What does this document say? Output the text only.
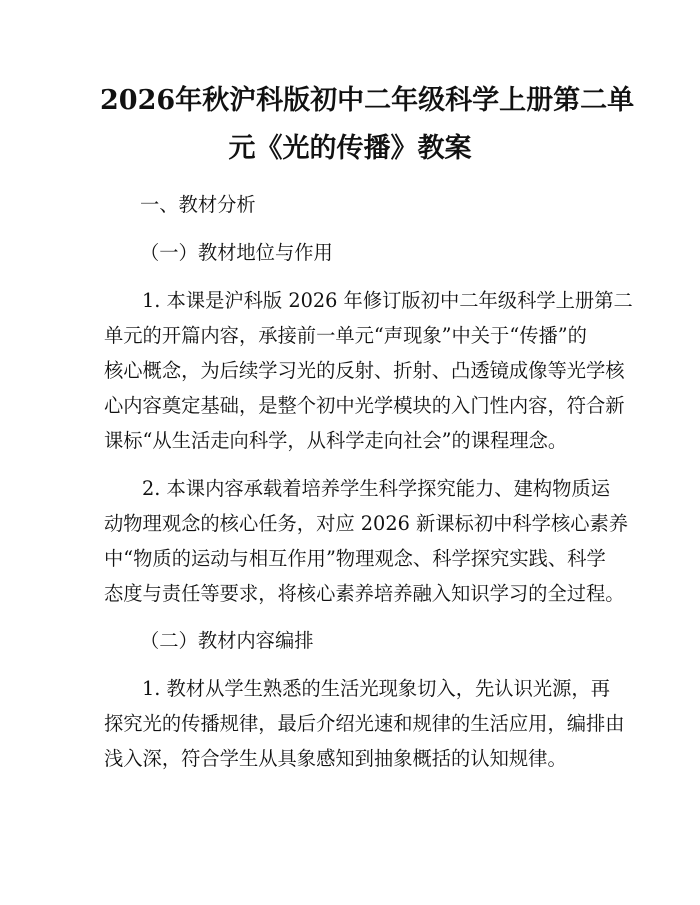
2026年秋沪科版初中二年级科学上册第二单
元《光的传播》教案

一、教材分析

（一）教材地位与作用

1. 本课是沪科版 2026 年修订版初中二年级科学上册第二

单元的开篇内容，承接前一单元“声现象”中关于“传播”的

核心概念，为后续学习光的反射、折射、凸透镜成像等光学核

心内容奠定基础，是整个初中光学模块的入门性内容，符合新

课标“从生活走向科学，从科学走向社会”的课程理念。

2. 本课内容承载着培养学生科学探究能力、建构物质运

动物理观念的核心任务，对应 2026 新课标初中科学核心素养

中“物质的运动与相互作用”物理观念、科学探究实践、科学

态度与责任等要求，将核心素养培养融入知识学习的全过程。

（二）教材内容编排

1. 教材从学生熟悉的生活光现象切入，先认识光源，再

探究光的传播规律，最后介绍光速和规律的生活应用，编排由

浅入深，符合学生从具象感知到抽象概括的认知规律。
